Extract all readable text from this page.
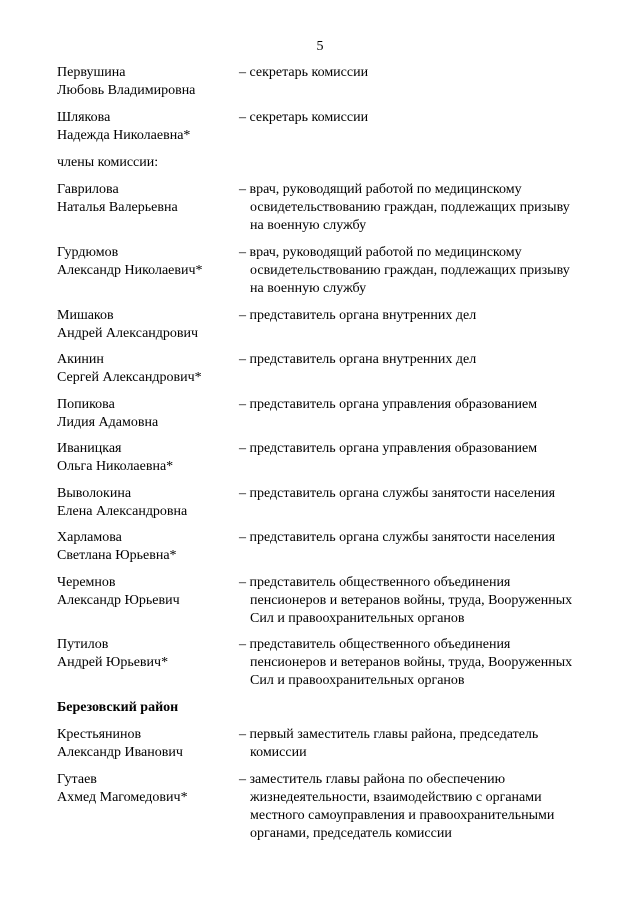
5
Первушина
Любовь Владимировна
– секретарь комиссии
Шлякова
Надежда Николаевна*
– секретарь комиссии
члены комиссии:
Гаврилова
Наталья Валерьевна
– врач, руководящий работой по медицинскому
освидетельствованию граждан, подлежащих призыву
на военную службу
Гурдюмов
Александр Николаевич*
– врач, руководящий работой по медицинскому
освидетельствованию граждан, подлежащих призыву
на военную службу
Мишаков
Андрей Александрович
– представитель органа внутренних дел
Акинин
Сергей Александрович*
– представитель органа внутренних дел
Попикова
Лидия Адамовна
– представитель органа управления образованием
Иваницкая
Ольга Николаевна*
– представитель органа управления образованием
Выволокина
Елена Александровна
– представитель органа службы занятости населения
Харламова
Светлана Юрьевна*
– представитель органа службы занятости населения
Черемнов
Александр Юрьевич
– представитель общественного объединения
пенсионеров и ветеранов войны, труда, Вооруженных
Сил и правоохранительных органов
Путилов
Андрей Юрьевич*
– представитель общественного объединения
пенсионеров и ветеранов войны, труда, Вооруженных
Сил и правоохранительных органов
Березовский район
Крестьянинов
Александр Иванович
– первый заместитель главы района, председатель
комиссии
Гутаев
Ахмед Магомедович*
– заместитель главы района по обеспечению
жизнедеятельности, взаимодействию с органами
местного самоуправления и правоохранительными
органами, председатель комиссии
